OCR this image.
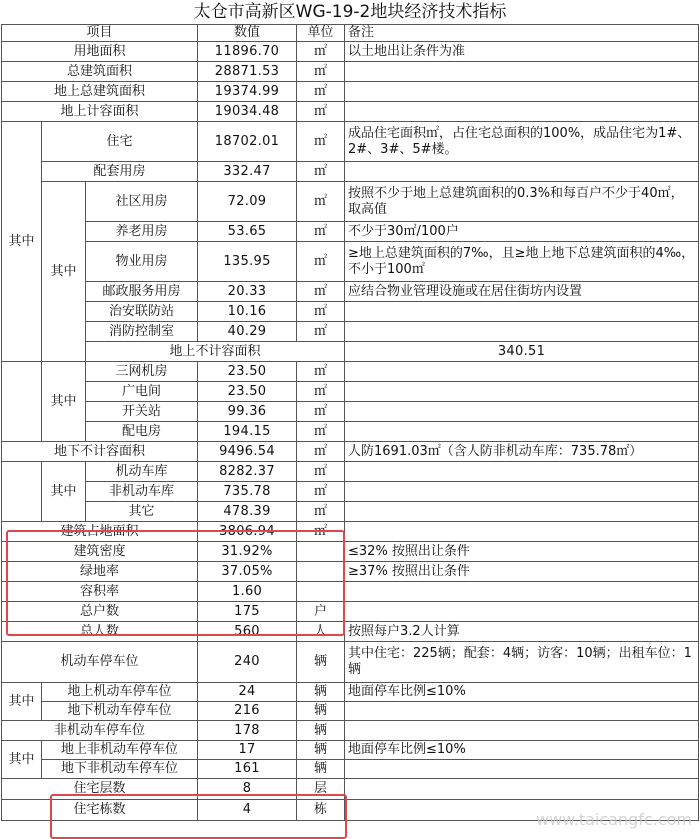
太仓市高新区WG-19-2地块经济技术指标
项目			数值	单位	备注	
用地面积			11896.70	㎡	以土地出让条件为准	
总建筑面积			28871.53	㎡		
地上总建筑面积			19374.99	㎡		
地上计容面积			19034.48	㎡		
其中	住宅		18702.01	㎡	成品住宅面积㎡，占住宅总面积的100%，成品住宅为1#、2#、3#、5#楼。	
	配套用房		332.47	㎡		
	其中	社区用房	72.09	㎡	按照不少于地上总建筑面积的0.3%和每百户不少于40㎡，取高值	
		养老用房	53.65	㎡	不少于30㎡/100户	
		物业用房	135.95	㎡	≥地上总建筑面积的7‰，且≥地上地下总建筑面积的4‰，不小于100㎡	
		邮政服务用房	20.33	㎡	应结合物业管理设施或在居住街坊内设置	
		治安联防站	10.16	㎡		
		消防控制室	40.29	㎡		
		地上不计容面积			340.51		
	其中	三网机房	23.50	㎡		
		广电间	23.50	㎡		
		开关站	99.36	㎡		
		配电房	194.15	㎡		
地下不计容面积			9496.54	㎡	人防1691.03㎡（含人防非机动车库：735.78㎡）	
	其中	机动车库	8282.37	㎡		
		非机动车库	735.78	㎡		
		其它	478.39	㎡		
建筑占地面积			3806.94	㎡		
建筑密度			31.92%		≤32% 按照出让条件	
绿地率			37.05%		≥37% 按照出让条件	
容积率			1.60			
总户数			175	户		
总人数			560	人	按照每户3.2人计算	
机动车停车位			240	辆	其中住宅：225辆；配套：4辆；访客：10辆；出租车位：1辆	
其中	地上机动车停车位		24	辆	地面停车比例≤10%	
	地下机动车停车位		216	辆		
非机动车停车位			178	辆		
其中	地上非机动车停车位		17	辆	地面停车比例≤10%	
	地下非机动车停车位		161	辆		
住宅层数			8	层		
住宅栋数			4	栋		
www.taicangfc.com
